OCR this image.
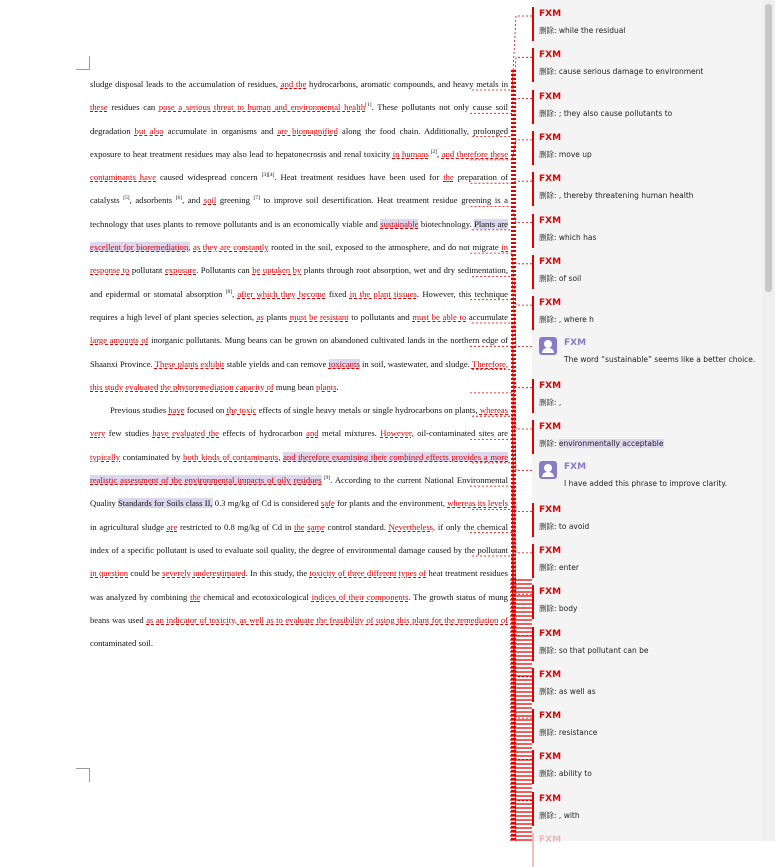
sludge disposal leads to the accumulation of residues, and the hydrocarbons, aromatic compounds, and heavy metals in these residues can pose a serious threat to human and environmental health[1]. These pollutants not only cause soil degradation but also accumulate in organisms and are biomagnified along the food chain. Additionally, prolonged exposure to heat treatment residues may also lead to hepatonecrosis and renal toxicity in humans [2], and therefore these contaminants have caused widespread concern [3][4]. Heat treatment residues have been used for the preparation of catalysts [5], adsorbents [6], and soil greening [7] to improve soil desertification. Heat treatment residue greening is a technology that uses plants to remove pollutants and is an economically viable and sustainable biotechnology. Plants are excellent for bioremediation, as they are constantly rooted in the soil, exposed to the atmosphere, and do not migrate in response to pollutant exposure. Pollutants can be uptaken by plants through root absorption, wet and dry sedimentation, and epidermal or stomatal absorption [8], after which they become fixed in the plant tissues. However, this technique requires a high level of plant species selection, as plants must be resistant to pollutants and must be able to accumulate large amounts of inorganic pollutants. Mung beans can be grown on abandoned cultivated lands in the northern edge of Shaanxi Province. These plants exhibit stable yields and can remove toxicants in soil, wastewater, and sludge. Therefore, this study evaluated the phytoremediation capacity of mung bean plants.

Previous studies have focused on the toxic effects of single heavy metals or single hydrocarbons on plants, whereas very few studies have evaluated the effects of hydrocarbon and metal mixtures. However, oil-contaminated sites are typically contaminated by both kinds of contaminants, and therefore examining their combined effects provides a more realistic assessment of the environmental impacts of oily residues [9]. According to the current National Environmental Quality Standards for Soils class II, 0.3 mg/kg of Cd is considered safe for plants and the environment, whereas its levels in agricultural sludge are restricted to 0.8 mg/kg of Cd in the same control standard. Nevertheless, if only the chemical index of a specific pollutant is used to evaluate soil quality, the degree of environmental damage caused by the pollutant in question could be severely underestimated. In this study, the toxicity of three different types of heat treatment residues was analyzed by combining the chemical and ecotoxicological indices of their components. The growth status of mung beans was used as an indicator of toxicity, as well as to evaluate the feasibility of using this plant for the remediation of contaminated soil.

FXM
删除: while the residual
FXM
删除: cause serious damage to environment
FXM
删除: ; they also cause pollutants to
FXM
删除: move up
FXM
删除: , thereby threatening human health
FXM
删除: which has
FXM
删除: of soil
FXM
删除: , where h
FXM
The word “sustainable” seems like a better choice.
FXM
删除: ,
FXM
删除: environmentally acceptable
FXM
I have added this phrase to improve clarity.
FXM
删除: to avoid
FXM
删除: enter
FXM
删除: body
FXM
删除: so that pollutant can be
FXM
删除: as well as
FXM
删除: resistance
FXM
删除: ability to
FXM
删除: , with
FXM
